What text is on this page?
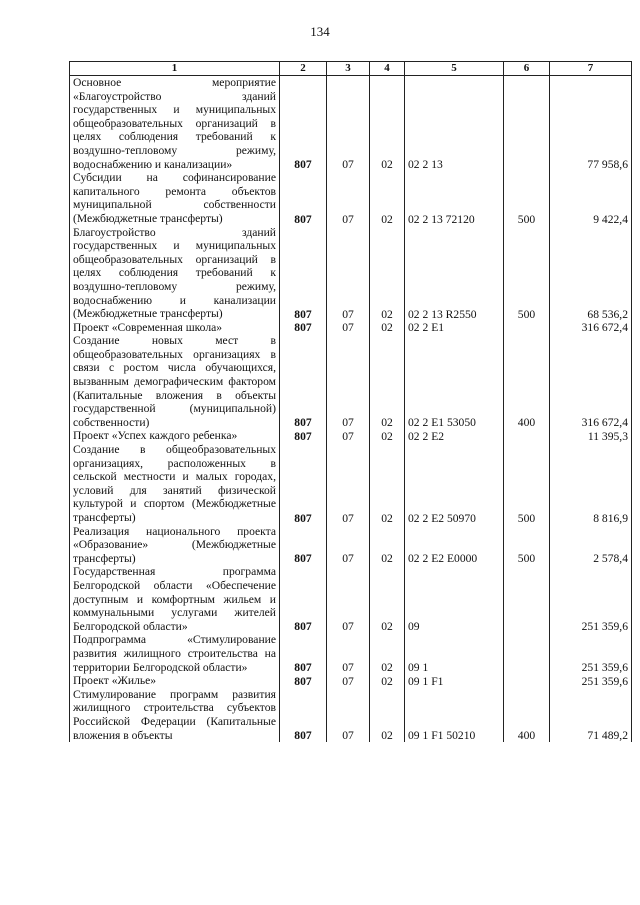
134
1	2	3	4	5	6	7
Основное мероприятие «Благоустройство зданий государственных и муниципальных общеобразовательных организаций в целях соблюдения требований к воздушно-тепловому режиму, водоснабжению и канализации»	807	07	02	02 2 13		77 958,6
Субсидии на софинансирование капитального ремонта объектов муниципальной собственности (Межбюджетные трансферты)	807	07	02	02 2 13 72120	500	9 422,4
Благоустройство зданий государственных и муниципальных общеобразовательных организаций в целях соблюдения требований к воздушно-тепловому режиму, водоснабжению и канализации (Межбюджетные трансферты)	807	07	02	02 2 13 R2550	500	68 536,2
Проект «Современная школа»	807	07	02	02 2 E1		316 672,4
Создание новых мест в общеобразовательных организациях в связи с ростом числа обучающихся, вызванным демографическим фактором (Капитальные вложения в объекты государственной (муниципальной) собственности)	807	07	02	02 2 E1 53050	400	316 672,4
Проект «Успех каждого ребенка»	807	07	02	02 2 E2		11 395,3
Создание в общеобразовательных организациях, расположенных в сельской местности и малых городах, условий для занятий физической культурой и спортом (Межбюджетные трансферты)	807	07	02	02 2 E2 50970	500	8 816,9
Реализация национального проекта «Образование» (Межбюджетные трансферты)	807	07	02	02 2 E2 E0000	500	2 578,4
Государственная программа Белгородской области «Обеспечение доступным и комфортным жильем и коммунальными услугами жителей Белгородской области»	807	07	02	09		251 359,6
Подпрограмма «Стимулирование развития жилищного строительства на территории Белгородской области»	807	07	02	09 1		251 359,6
Проект «Жилье»	807	07	02	09 1 F1		251 359,6
Стимулирование программ развития жилищного строительства субъектов Российской Федерации (Капитальные вложения в объекты	807	07	02	09 1 F1 50210	400	71 489,2
